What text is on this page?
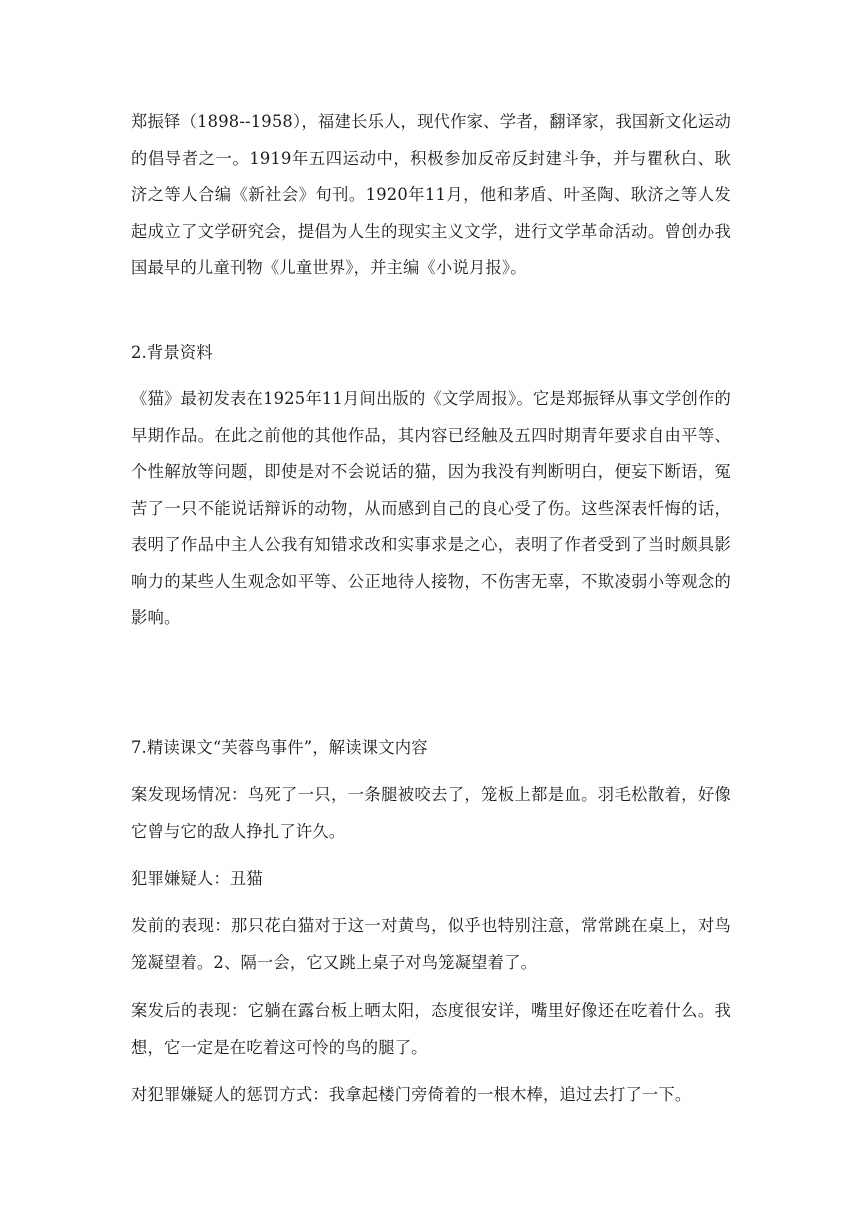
郑振铎（1898--1958），福建长乐人，现代作家、学者，翻译家，我国新文化运动的倡导者之一。1919年五四运动中，积极参加反帝反封建斗争，并与瞿秋白、耿济之等人合编《新社会》旬刊。1920年11月，他和茅盾、叶圣陶、耿济之等人发起成立了文学研究会，提倡为人生的现实主义文学，进行文学革命活动。曾创办我国最早的儿童刊物《儿童世界》，并主编《小说月报》。

2.背景资料

《猫》最初发表在1925年11月间出版的《文学周报》。它是郑振铎从事文学创作的早期作品。在此之前他的其他作品，其内容已经触及五四时期青年要求自由平等、个性解放等问题，即使是对不会说话的猫，因为我没有判断明白，便妄下断语，冤苦了一只不能说话辩诉的动物，从而感到自己的良心受了伤。这些深表忏悔的话，表明了作品中主人公我有知错求改和实事求是之心，表明了作者受到了当时颇具影响力的某些人生观念如平等、公正地待人接物，不伤害无辜，不欺凌弱小等观念的影响。

7.精读课文“芙蓉鸟事件”，解读课文内容

案发现场情况：鸟死了一只，一条腿被咬去了，笼板上都是血。羽毛松散着，好像它曾与它的敌人挣扎了许久。

犯罪嫌疑人：丑猫

发前的表现：那只花白猫对于这一对黄鸟，似乎也特别注意，常常跳在桌上，对鸟笼凝望着。2、隔一会，它又跳上桌子对鸟笼凝望着了。

案发后的表现：它躺在露台板上晒太阳，态度很安详，嘴里好像还在吃着什么。我想，它一定是在吃着这可怜的鸟的腿了。

对犯罪嫌疑人的惩罚方式：我拿起楼门旁倚着的一根木棒，追过去打了一下。
